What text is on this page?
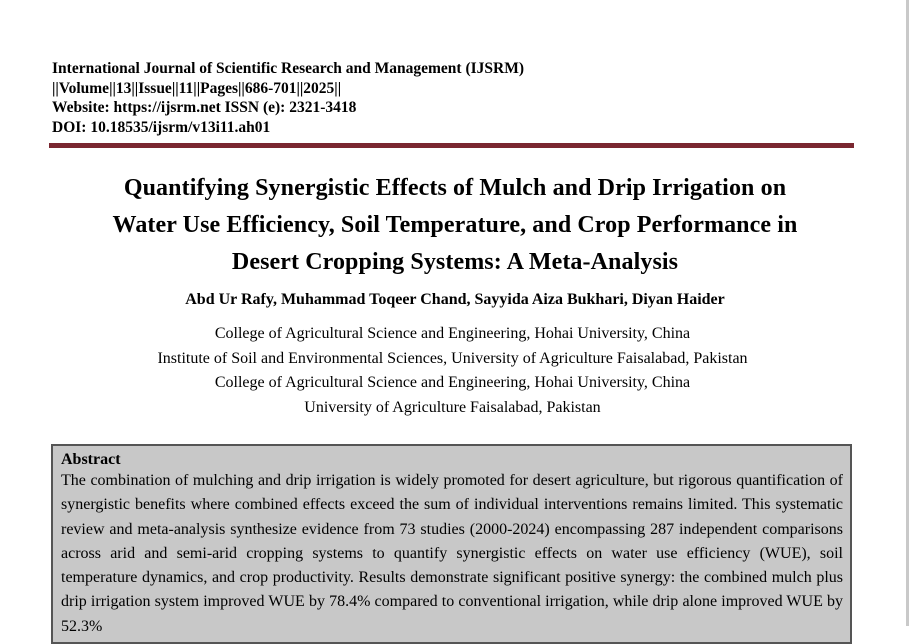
International Journal of Scientific Research and Management (IJSRM)
||Volume||13||Issue||11||Pages||686-701||2025||
Website: https://ijsrm.net ISSN (e): 2321-3418
DOI: 10.18535/ijsrm/v13i11.ah01
Quantifying Synergistic Effects of Mulch and Drip Irrigation on
Water Use Efficiency, Soil Temperature, and Crop Performance in
Desert Cropping Systems: A Meta-Analysis
Abd Ur Rafy, Muhammad Toqeer Chand, Sayyida Aiza Bukhari, Diyan Haider
College of Agricultural Science and Engineering, Hohai University, China
Institute of Soil and Environmental Sciences, University of Agriculture Faisalabad, Pakistan
College of Agricultural Science and Engineering, Hohai University, China
University of Agriculture Faisalabad, Pakistan
Abstract
The combination of mulching and drip irrigation is widely promoted for desert agriculture, but rigorous quantification of synergistic benefits where combined effects exceed the sum of individual interventions remains limited. This systematic review and meta-analysis synthesize evidence from 73 studies (2000-2024) encompassing 287 independent comparisons across arid and semi-arid cropping systems to quantify synergistic effects on water use efficiency (WUE), soil temperature dynamics, and crop productivity. Results demonstrate significant positive synergy: the combined mulch plus drip irrigation system improved WUE by 78.4% compared to conventional irrigation, while drip alone improved WUE by 52.3%
